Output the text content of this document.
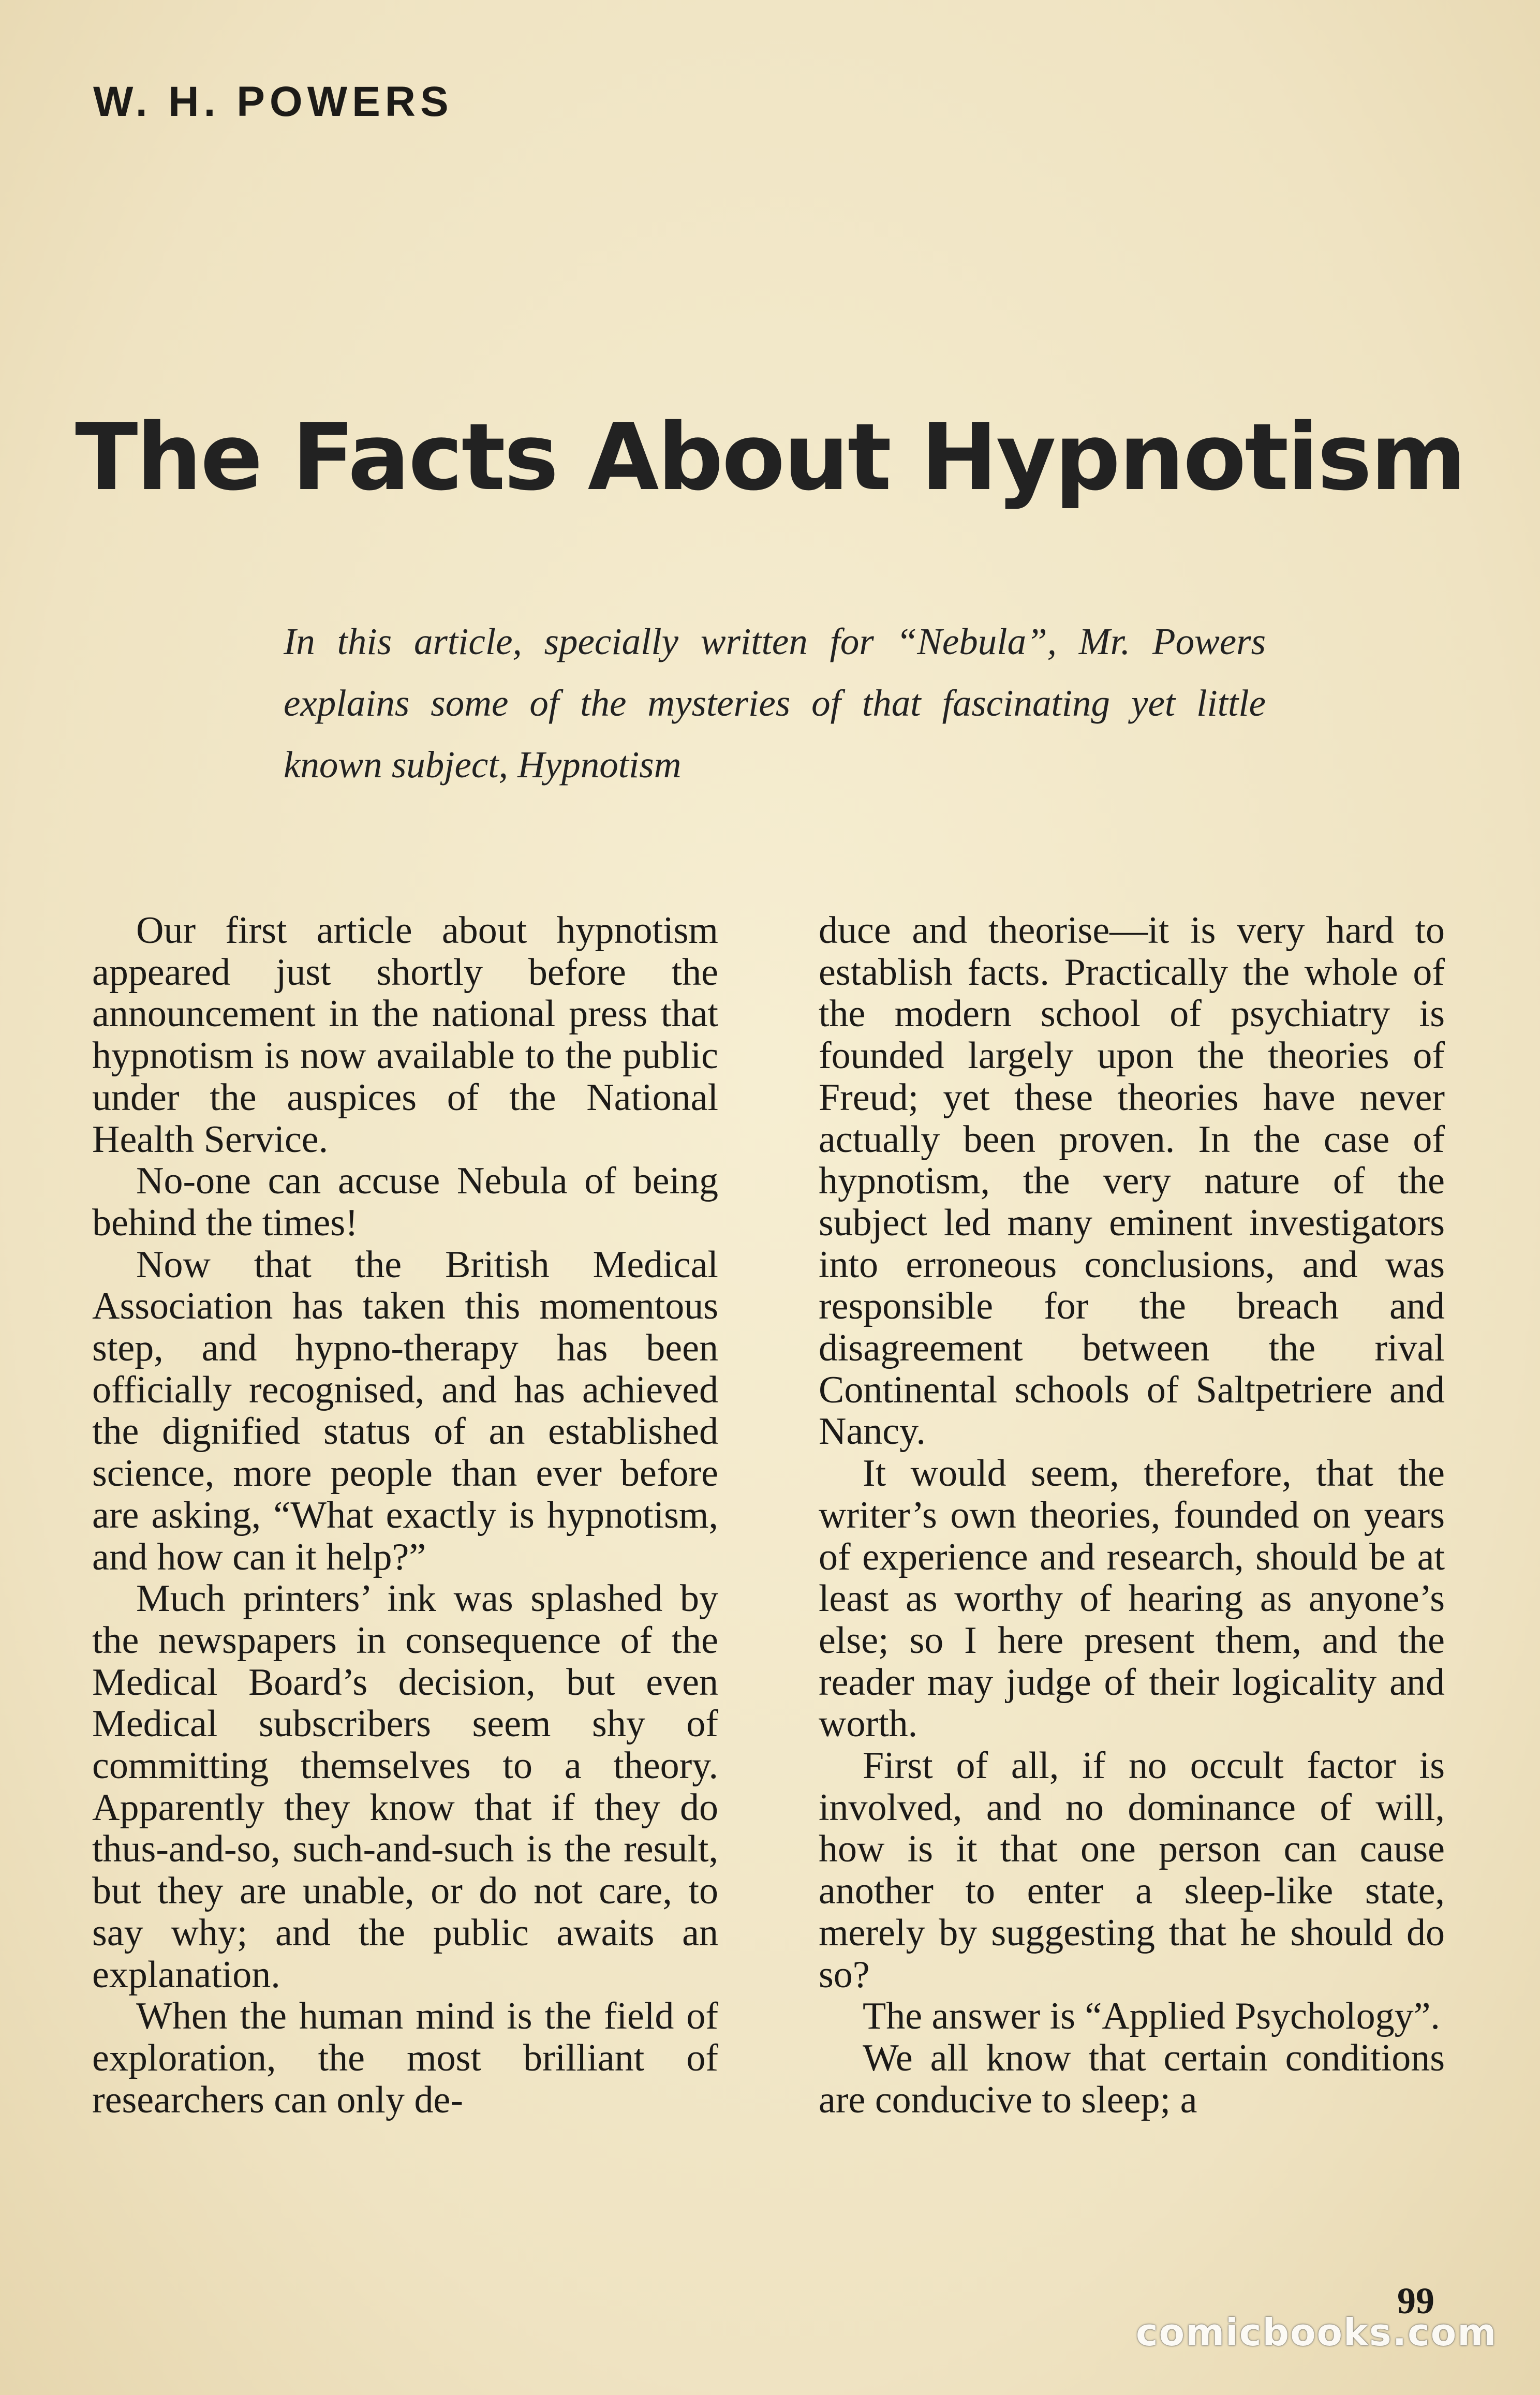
W. H. POWERS
The Facts About Hypnotism
In this article, specially written for “Nebula”, Mr. Powers explains some of the mysteries of that fascinating yet little known subject, Hypnotism

Our first article about hypnotism appeared just shortly before the announcement in the national press that hypnotism is now available to the public under the auspices of the National Health Service.

No-one can accuse Nebula of being behind the times!

Now that the British Medical Association has taken this momentous step, and hypno-therapy has been officially recognised, and has achieved the dignified status of an established science, more people than ever before are asking, “What exactly is hypnotism, and how can it help?”

Much printers’ ink was splashed by the newspapers in consequence of the Medical Board’s decision, but even Medical subscribers seem shy of committing themselves to a theory. Apparently they know that if they do thus-and-so, such-and-such is the result, but they are unable, or do not care, to say why; and the public awaits an explanation.

When the human mind is the field of exploration, the most brilliant of researchers can only de-

duce and theorise—it is very hard to establish facts. Practically the whole of the modern school of psychiatry is founded largely upon the theories of Freud; yet these theories have never actually been proven. In the case of hypnotism, the very nature of the subject led many eminent investigators into erroneous conclusions, and was responsible for the breach and disagreement between the rival Continental schools of Saltpetriere and Nancy.

It would seem, therefore, that the writer’s own theories, founded on years of experience and research, should be at least as worthy of hearing as anyone’s else; so I here present them, and the reader may judge of their logicality and worth.

First of all, if no occult factor is involved, and no dominance of will, how is it that one person can cause another to enter a sleep-like state, merely by suggesting that he should do so?

The answer is “Applied Psychology”.

We all know that certain conditions are conducive to sleep; a

99
comicbooks.com
